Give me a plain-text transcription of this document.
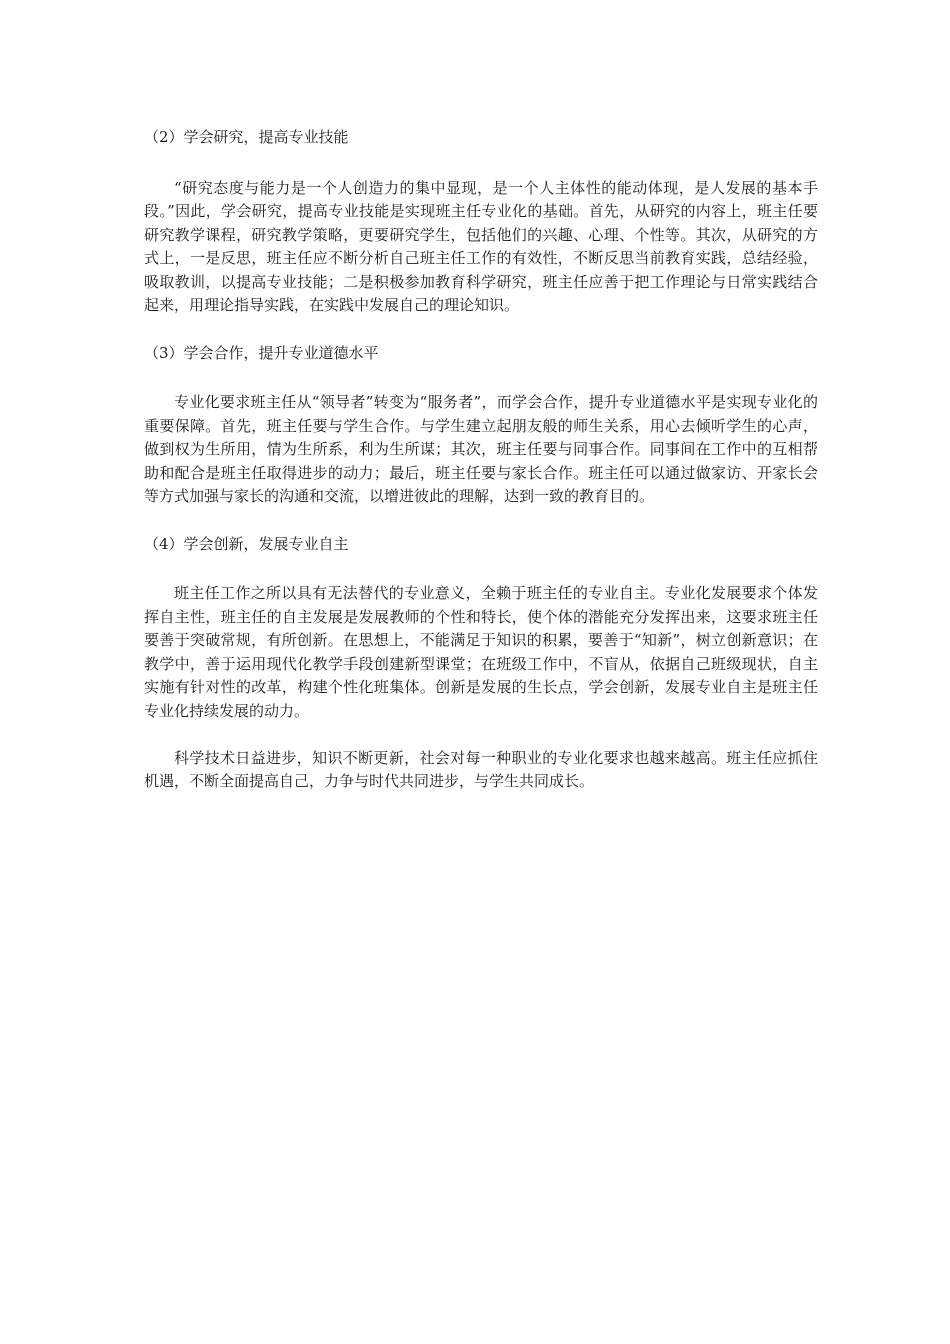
（2）学会研究，提高专业技能

“研究态度与能力是一个人创造力的集中显现，是一个人主体性的能动体现，是人发展的基本手段。”因此，学会研究，提高专业技能是实现班主任专业化的基础。首先，从研究的内容上，班主任要研究教学课程，研究教学策略，更要研究学生，包括他们的兴趣、心理、个性等。其次，从研究的方式上，一是反思，班主任应不断分析自己班主任工作的有效性，不断反思当前教育实践，总结经验，吸取教训，以提高专业技能；二是积极参加教育科学研究，班主任应善于把工作理论与日常实践结合起来，用理论指导实践，在实践中发展自己的理论知识。

（3）学会合作，提升专业道德水平

专业化要求班主任从“领导者”转变为“服务者”，而学会合作，提升专业道德水平是实现专业化的重要保障。首先，班主任要与学生合作。与学生建立起朋友般的师生关系，用心去倾听学生的心声，做到权为生所用，情为生所系，利为生所谋；其次，班主任要与同事合作。同事间在工作中的互相帮助和配合是班主任取得进步的动力；最后，班主任要与家长合作。班主任可以通过做家访、开家长会等方式加强与家长的沟通和交流，以增进彼此的理解，达到一致的教育目的。

（4）学会创新，发展专业自主

班主任工作之所以具有无法替代的专业意义，全赖于班主任的专业自主。专业化发展要求个体发挥自主性，班主任的自主发展是发展教师的个性和特长，使个体的潜能充分发挥出来，这要求班主任要善于突破常规，有所创新。在思想上，不能满足于知识的积累，要善于“知新”，树立创新意识；在教学中，善于运用现代化教学手段创建新型课堂；在班级工作中，不盲从，依据自己班级现状，自主实施有针对性的改革，构建个性化班集体。创新是发展的生长点，学会创新，发展专业自主是班主任专业化持续发展的动力。

科学技术日益进步，知识不断更新，社会对每一种职业的专业化要求也越来越高。班主任应抓住机遇，不断全面提高自己，力争与时代共同进步，与学生共同成长。
